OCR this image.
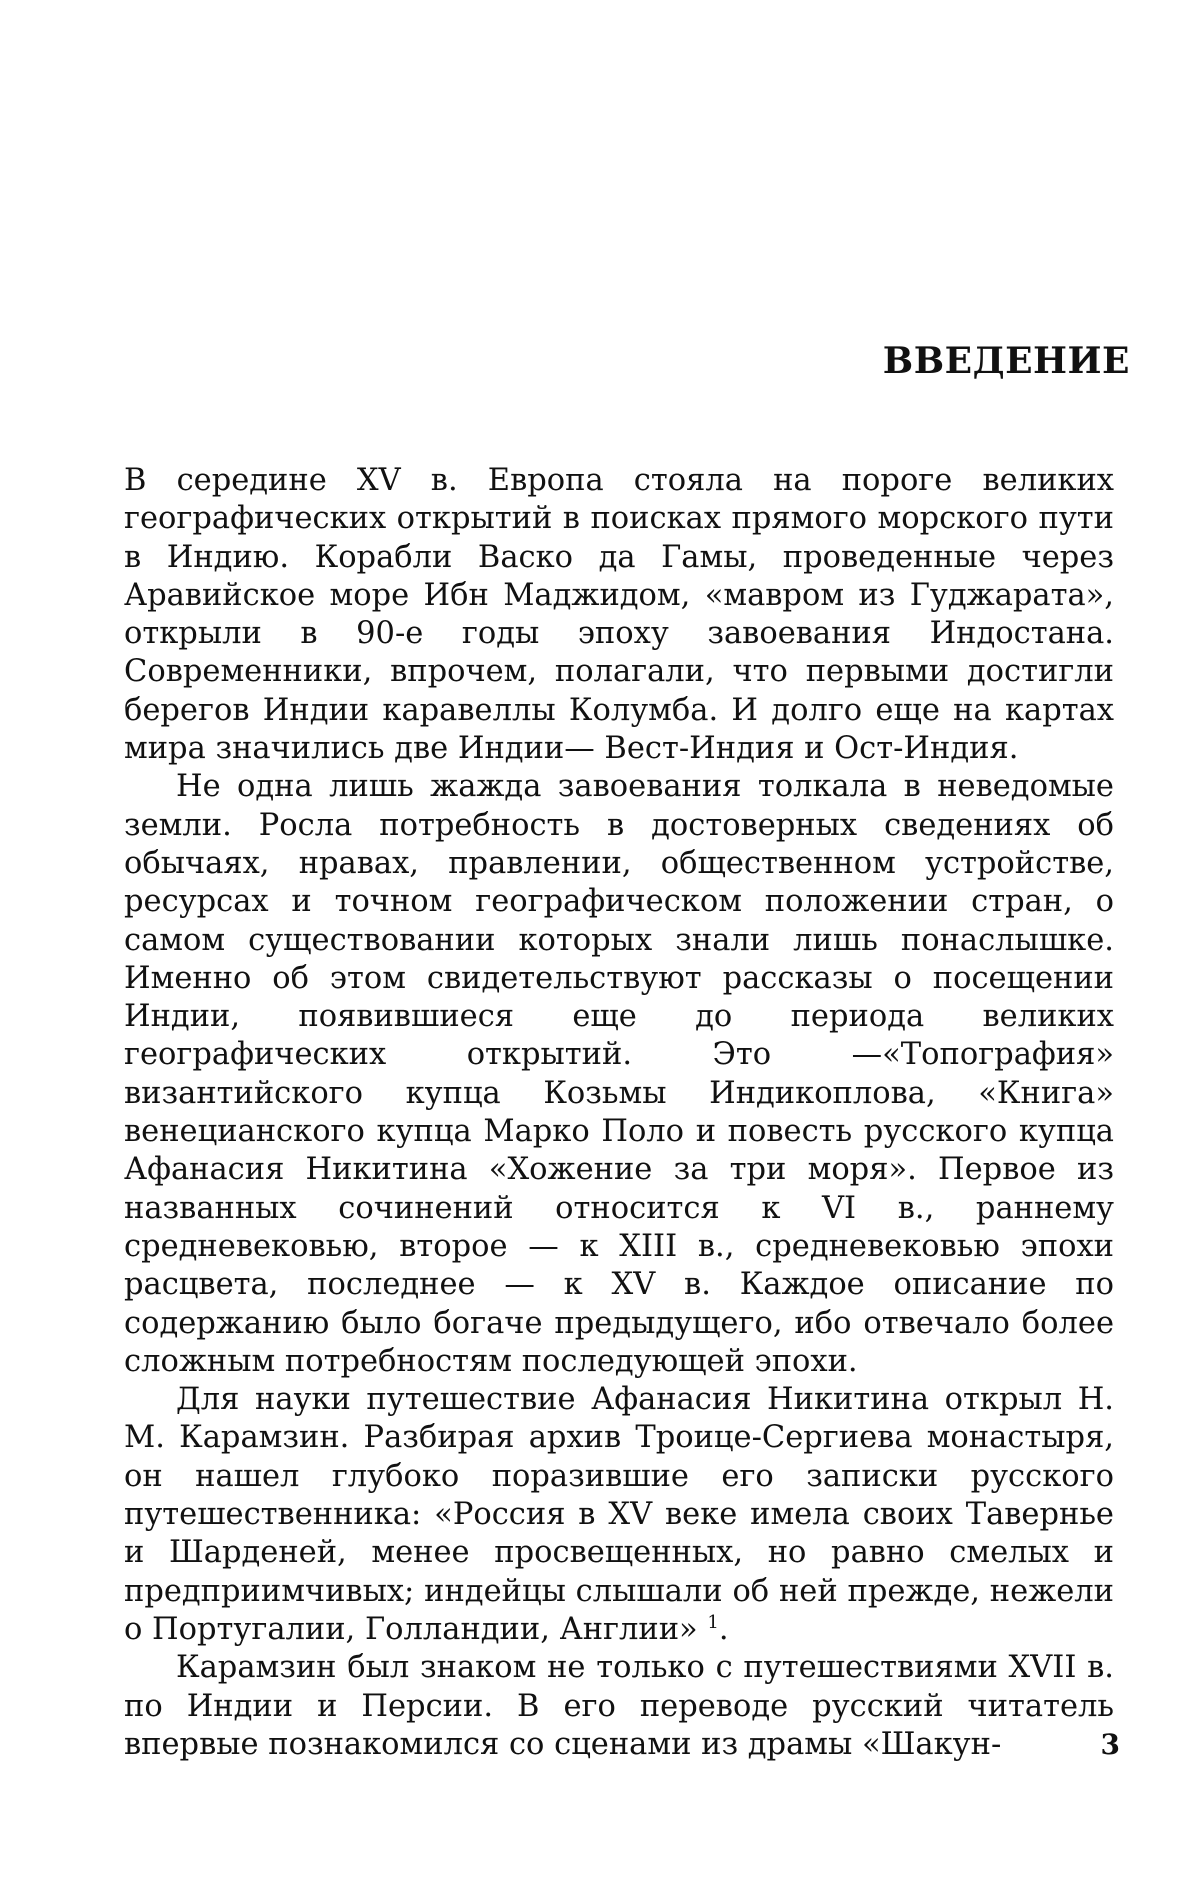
ВВЕДЕНИЕ

В середине XV в. Европа стояла на пороге великих географических открытий в поисках прямого морского пути в Индию. Корабли Васко да Гамы, проведенные через Аравийское море Ибн Маджидом, «мавром из Гуджарата», открыли в 90-е годы эпоху завоевания Индостана. Современники, впрочем, полагали, что первыми достигли берегов Индии каравеллы Колумба. И долго еще на картах мира значились две Индии— Вест-Индия и Ост-Индия.

Не одна лишь жажда завоевания толкала в неведомые земли. Росла потребность в достоверных сведениях об обычаях, нравах, правлении, общественном устройстве, ресурсах и точном географическом положении стран, о самом существовании которых знали лишь понаслышке. Именно об этом свидетельствуют рассказы о посещении Индии, появившиеся еще до периода великих географических открытий. Это —«Топография» византийского купца Козьмы Индикоплова, «Книга» венецианского купца Марко Поло и повесть русского купца Афанасия Никитина «Хожение за три моря». Первое из названных сочинений относится к VI в., раннему средневековью, второе — к XIII в., средневековью эпохи расцвета, последнее — к XV в. Каждое описание по содержанию было богаче предыдущего, ибо отвечало более сложным потребностям последующей эпохи.

Для науки путешествие Афанасия Никитина открыл Н. М. Карамзин. Разбирая архив Троице-Сергиева монастыря, он нашел глубоко поразившие его записки русского путешественника: «Россия в XV веке имела своих Тавернье и Шарденей, менее просвещенных, но равно смелых и предприимчивых; индейцы слышали об ней прежде, нежели о Португалии, Голландии, Англии» $^1$.

Карамзин был знаком не только с путешествиями XVII в. по Индии и Персии. В его переводе русский читатель впервые познакомился со сценами из драмы «Шакун-	3
